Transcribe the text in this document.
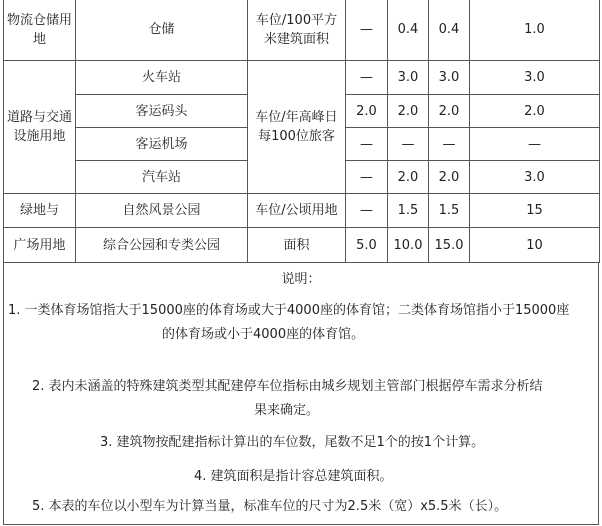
物流仓储用地	仓储	车位/100平方米建筑面积	—	0.4	0.4	1.0
道路与交通设施用地	火车站	车位/年高峰日每100位旅客	—	3.0	3.0	3.0
	客运码头		2.0	2.0	2.0	2.0
	客运机场		—	—	—	—
	汽车站		—	2.0	2.0	3.0
绿地与	自然风景公园	车位/公顷用地	—	1.5	1.5	15
广场用地	综合公园和专类公园	面积	5.0	10.0	15.0	10

说明：

1. 一类体育场馆指大于15000座的体育场或大于4000座的体育馆；二类体育场馆指小于15000座

的体育场或小于4000座的体育馆。

2. 表内未涵盖的特殊建筑类型其配建停车位指标由城乡规划主管部门根据停车需求分析结

果来确定。

3. 建筑物按配建指标计算出的车位数，尾数不足1个的按1个计算。

4. 建筑面积是指计容总建筑面积。

5. 本表的车位以小型车为计算当量，标准车位的尺寸为2.5米（宽）x5.5米（长）。
